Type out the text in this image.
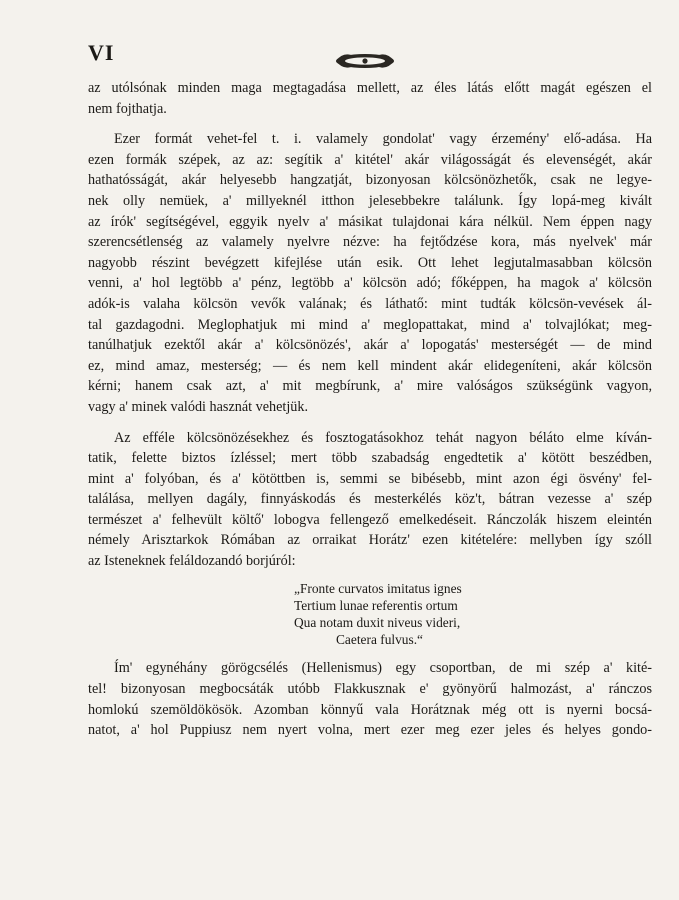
VI
az utólsónak minden maga megtagadása mellett, az éles látás előtt magát egészen el
nem fojthatja.
Ezer formát vehet-fel t. i. valamely gondolat' vagy érzemény' elő-adása. Ha
ezen formák szépek, az az: segítik a' kitétel' akár világosságát és elevenségét, akár
hathatósságát, akár helyesebb hangzatját, bizonyosan kölcsönözhetők, csak ne legye-
nek olly nemüek, a' millyeknél itthon jelesebbekre találunk. Így lopá-meg kivált
az írók' segítségével, eggyik nyelv a' másikat tulajdonai kára nélkül. Nem éppen nagy
szerencsétlenség az valamely nyelvre nézve: ha fejtődzése kora, más nyelvek' már
nagyobb részint bevégzett kifejlése után esik. Ott lehet legjutalmasabban kölcsön
venni, a' hol legtöbb a' pénz, legtöbb a' kölcsön adó; főképpen, ha magok a' kölcsön
adók-is valaha kölcsön vevők valának; és láthatő: mint tudták kölcsön-vevések ál-
tal gazdagodni. Meglophatjuk mi mind a' meglopattakat, mind a' tolvajlókat; meg-
tanúlhatjuk ezektől akár a' kölcsönözés', akár a' lopogatás' mesterségét — de mind
ez, mind amaz, mesterség; — és nem kell mindent akár elidegeníteni, akár kölcsön
kérni; hanem csak azt, a' mit megbírunk, a' mire valóságos szükségünk vagyon,
vagy a' minek valódi hasznát vehetjük.
Az efféle kölcsönözésekhez és fosztogatásokhoz tehát nagyon béláto elme kíván-
tatik, felette biztos ízléssel; mert több szabadság engedtetik a' kötött beszédben,
mint a' folyóban, és a' kötöttben is, semmi se bibésebb, mint azon égi ösvény' fel-
találása, mellyen dagály, finnyáskodás és mesterkélés köz't, bátran vezesse a' szép
természet a' felhevült költő' lobogva fellengező emelkedéseit. Ránczolák hiszem eleintén
némely Arisztarkok Rómában az orraikat Horátz' ezen kitételére: mellyben így szóll
az Isteneknek feláldozandó borjúról:
„Fronte curvatos imitatus ignes
Tertium lunae referentis ortum
Qua notam duxit niveus videri,
Caetera fulvus.“
Ím' egynéhány görögcsélés (Hellenismus) egy csoportban, de mi szép a' kité-
tel! bizonyosan megbocsáták utóbb Flakkusznak e' gyönyörű halmozást, a' ránczos
homlokú szemöldökösök. Azomban könnyű vala Horátznak még ott is nyerni bocsá-
natot, a' hol Puppiusz nem nyert volna, mert ezer meg ezer jeles és helyes gondo-
